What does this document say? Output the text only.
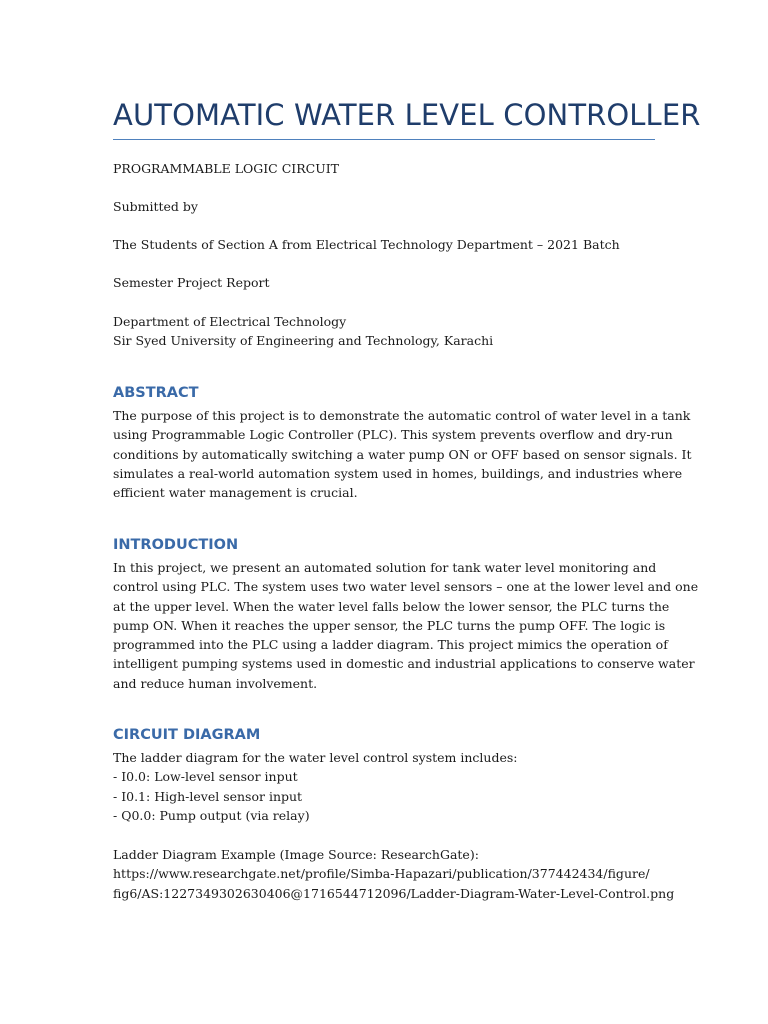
AUTOMATIC WATER LEVEL CONTROLLER

PROGRAMMABLE LOGIC CIRCUIT

Submitted by

The Students of Section A from Electrical Technology Department – 2021 Batch

Semester Project Report

Department of Electrical Technology
Sir Syed University of Engineering and Technology, Karachi

ABSTRACT

The purpose of this project is to demonstrate the automatic control of water level in a tank
using Programmable Logic Controller (PLC). This system prevents overflow and dry-run
conditions by automatically switching a water pump ON or OFF based on sensor signals. It
simulates a real-world automation system used in homes, buildings, and industries where
efficient water management is crucial.

INTRODUCTION

In this project, we present an automated solution for tank water level monitoring and
control using PLC. The system uses two water level sensors – one at the lower level and one
at the upper level. When the water level falls below the lower sensor, the PLC turns the
pump ON. When it reaches the upper sensor, the PLC turns the pump OFF. The logic is
programmed into the PLC using a ladder diagram. This project mimics the operation of
intelligent pumping systems used in domestic and industrial applications to conserve water
and reduce human involvement.

CIRCUIT DIAGRAM

The ladder diagram for the water level control system includes:
- I0.0: Low-level sensor input
- I0.1: High-level sensor input
- Q0.0: Pump output (via relay)

Ladder Diagram Example (Image Source: ResearchGate):
https://www.researchgate.net/profile/Simba-Hapazari/publication/377442434/figure/
fig6/AS:1227349302630406@1716544712096/Ladder-Diagram-Water-Level-Control.png
